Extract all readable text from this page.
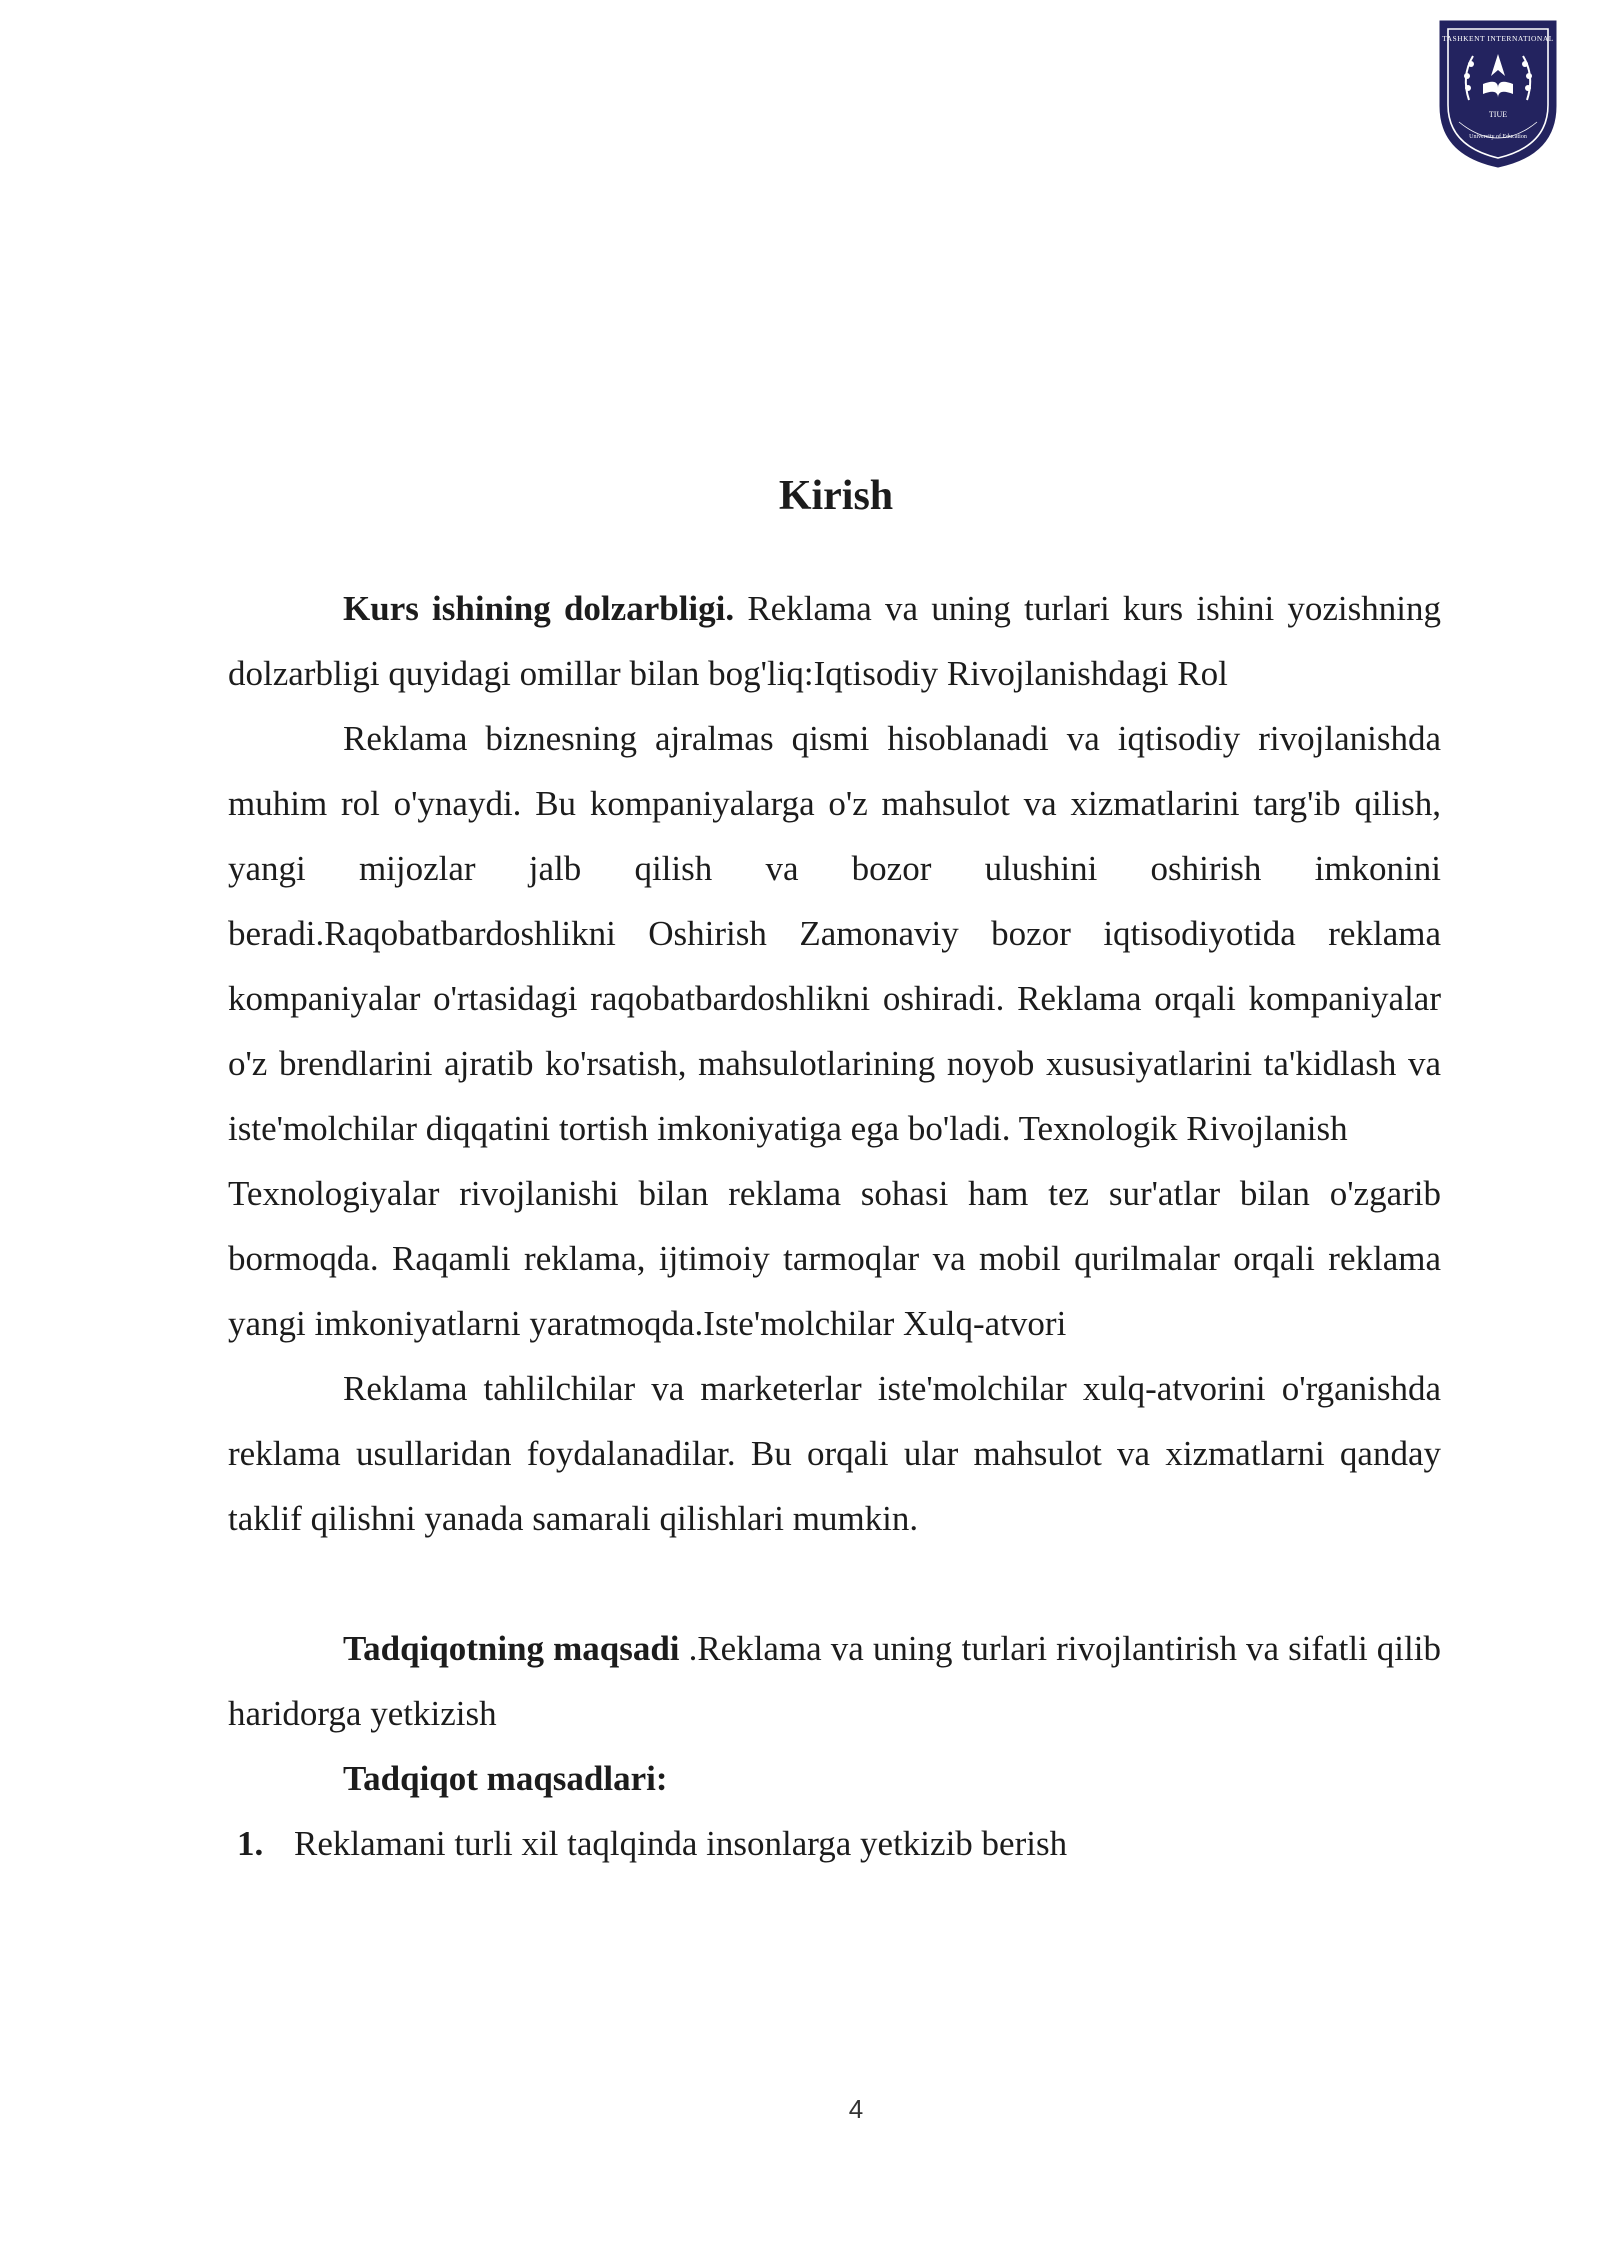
TASHKENT INTERNATIONAL
TIUE
University of Education
Kirish

Kurs ishining dolzarbligi. Reklama va uning turlari kurs ishini yozishning dolzarbligi quyidagi omillar bilan bog'liq:Iqtisodiy Rivojlanishdagi Rol

Reklama biznesning ajralmas qismi hisoblanadi va iqtisodiy rivojlanishda muhim rol o'ynaydi. Bu kompaniyalarga o'z mahsulot va xizmatlarini targ'ib qilish, yangi mijozlar jalb qilish va bozor ulushini oshirish imkonini beradi.Raqobatbardoshlikni Oshirish Zamonaviy bozor iqtisodiyotida reklama kompaniyalar o'rtasidagi raqobatbardoshlikni oshiradi. Reklama orqali kompaniyalar o'z brendlarini ajratib ko'rsatish, mahsulotlarining noyob xususiyatlarini ta'kidlash va iste'molchilar diqqatini tortish imkoniyatiga ega bo'ladi. Texnologik Rivojlanish

Texnologiyalar rivojlanishi bilan reklama sohasi ham tez sur'atlar bilan o'zgarib bormoqda. Raqamli reklama, ijtimoiy tarmoqlar va mobil qurilmalar orqali reklama yangi imkoniyatlarni yaratmoqda.Iste'molchilar Xulq-atvori

Reklama tahlilchilar va marketerlar iste'molchilar xulq-atvorini o'rganishda reklama usullaridan foydalanadilar. Bu orqali ular mahsulot va xizmatlarni qanday taklif qilishni yanada samarali qilishlari mumkin.

Tadqiqotning maqsadi .Reklama va uning turlari rivojlantirish va sifatli qilib haridorga yetkizish

Tadqiqot maqsadlari:

1. Reklamani turli xil taqlqinda insonlarga yetkizib berish
4
